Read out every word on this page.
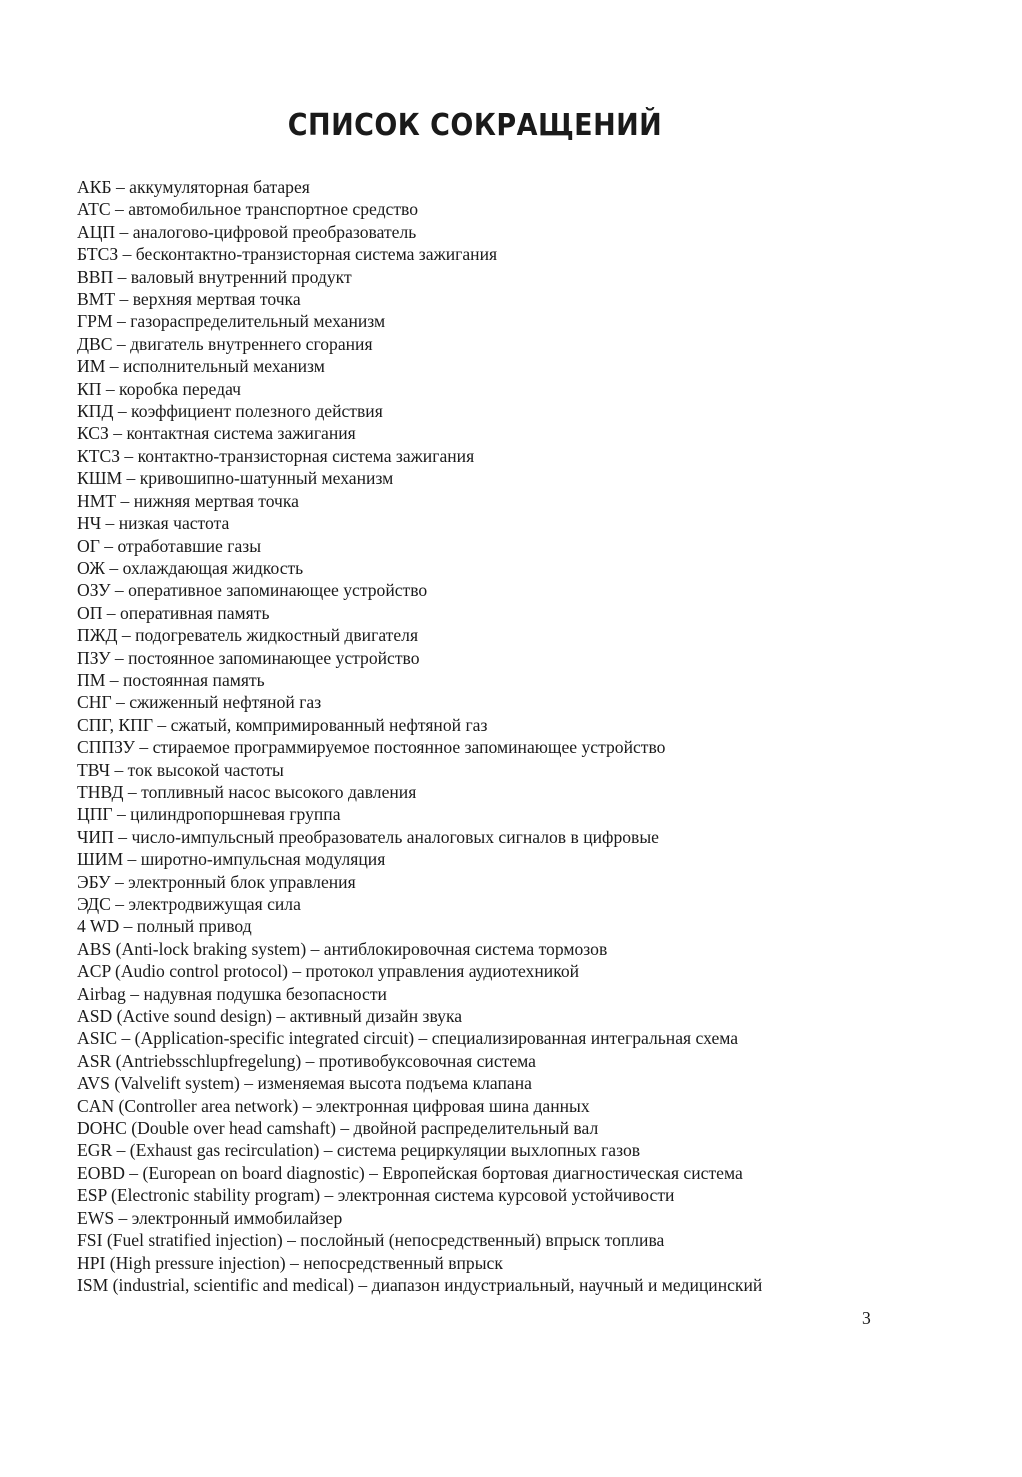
СПИСОК СОКРАЩЕНИЙ
АКБ – аккумуляторная батарея
АТС – автомобильное транспортное средство
АЦП – аналогово-цифровой преобразователь
БТСЗ – бесконтактно-транзисторная система зажигания
ВВП – валовый внутренний продукт
ВМТ – верхняя мертвая точка
ГРМ – газораспределительный механизм
ДВС – двигатель внутреннего сгорания
ИМ – исполнительный механизм
КП – коробка передач
КПД – коэффициент полезного действия
КСЗ – контактная система зажигания
КТСЗ – контактно-транзисторная система зажигания
КШМ – кривошипно-шатунный механизм
НМТ – нижняя мертвая точка
НЧ – низкая частота
ОГ – отработавшие газы
ОЖ – охлаждающая жидкость
ОЗУ – оперативное запоминающее устройство
ОП – оперативная память
ПЖД – подогреватель жидкостный двигателя
ПЗУ – постоянное запоминающее устройство
ПМ – постоянная память
СНГ – сжиженный нефтяной газ
СПГ, КПГ – сжатый, компримированный нефтяной газ
СППЗУ – стираемое программируемое постоянное запоминающее устройство
ТВЧ – ток высокой частоты
ТНВД – топливный насос высокого давления
ЦПГ – цилиндропоршневая группа
ЧИП – число-импульсный преобразователь аналоговых сигналов в цифровые
ШИМ – широтно-импульсная модуляция
ЭБУ – электронный блок управления
ЭДС – электродвижущая сила
4 WD – полный привод
ABS (Anti-lock braking system) – антиблокировочная система тормозов
ACP (Audio control protocol) – протокол управления аудиотехникой
Airbag – надувная подушка безопасности
ASD (Active sound design) – активный дизайн звука
ASIC – (Application-specific integrated circuit) – специализированная интегральная схема
ASR (Antriebsschlupfregelung) – противобуксовочная система
AVS (Valvelift system) – изменяемая высота подъема клапана
CAN (Controller area network) – электронная цифровая шина данных
DOHC (Double over head camshaft) – двойной распределительный вал
EGR – (Exhaust gas recirculation) – система рециркуляции выхлопных газов
EOBD – (European on board diagnostic) – Европейская бортовая диагностическая система
ESP (Electronic stability program) – электронная система курсовой устойчивости
EWS – электронный иммобилайзер
FSI (Fuel stratified injection) – послойный (непосредственный) впрыск топлива
HPI (High pressure injection) – непосредственный впрыск
ISM (industrial, scientific and medical) – диапазон индустриальный, научный и медицинский
3
